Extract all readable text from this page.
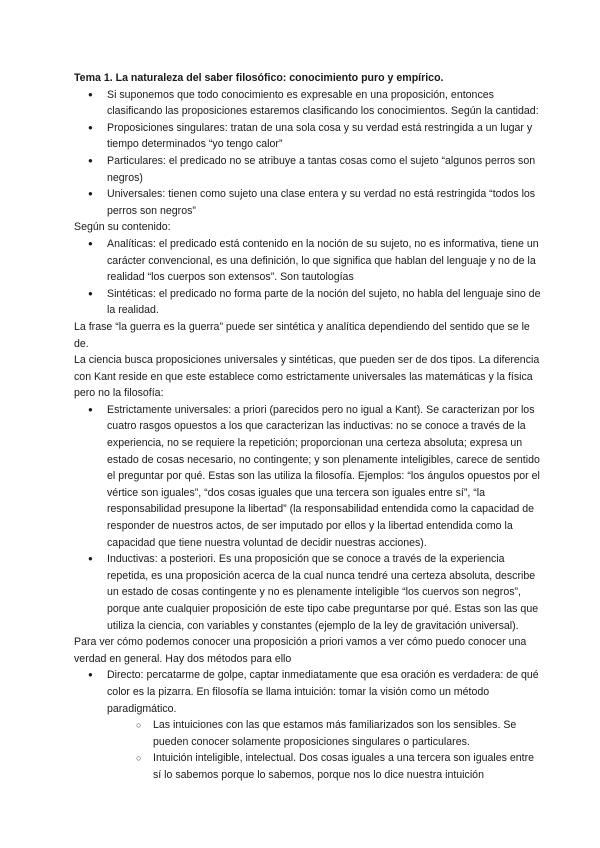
Tema 1. La naturaleza del saber filosófico: conocimiento puro y empírico.

● Si suponemos que todo conocimiento es expresable en una proposición, entonces clasificando las proposiciones estaremos clasificando los conocimientos. Según la cantidad:
● Proposiciones singulares: tratan de una sola cosa y su verdad está restringida a un lugar y tiempo determinados “yo tengo calor”
● Particulares: el predicado no se atribuye a tantas cosas como el sujeto “algunos perros son negros)
● Universales: tienen como sujeto una clase entera y su verdad no está restringida “todos los perros son negros”

Según su contenido:

● Analíticas: el predicado está contenido en la noción de su sujeto, no es informativa, tiene un carácter convencional, es una definición, lo que significa que hablan del lenguaje y no de la realidad “los cuerpos son extensos”. Son tautologías
● Sintéticas: el predicado no forma parte de la noción del sujeto, no habla del lenguaje sino de la realidad.

La frase “la guerra es la guerra” puede ser sintética y analítica dependiendo del sentido que se le de.

La ciencia busca proposiciones universales y sintéticas, que pueden ser de dos tipos. La diferencia con Kant reside en que este establece como estrictamente universales las matemáticas y la física pero no la filosofía:

● Estrictamente universales: a priori (parecidos pero no igual a Kant). Se caracterizan por los cuatro rasgos opuestos a los que caracterizan las inductivas: no se conoce a través de la experiencia, no se requiere la repetición; proporcionan una certeza absoluta; expresa un estado de cosas necesario, no contingente; y son plenamente inteligibles, carece de sentido el preguntar por qué. Estas son las utiliza la filosofía. Ejemplos: “los ángulos opuestos por el vértice son iguales”, “dos cosas iguales que una tercera son iguales entre sí”, “la responsabilidad presupone la libertad” (la responsabilidad entendida como la capacidad de responder de nuestros actos, de ser imputado por ellos y la libertad entendida como la capacidad que tiene nuestra voluntad de decidir nuestras acciones).
● Inductivas: a posteriori. Es una proposición que se conoce a través de la experiencia repetida, es una proposición acerca de la cual nunca tendré una certeza absoluta, describe un estado de cosas contingente y no es plenamente inteligible “los cuervos son negros”, porque ante cualquier proposición de este tipo cabe preguntarse por qué. Estas son las que utiliza la ciencia, con variables y constantes (ejemplo de la ley de gravitación universal).

Para ver cómo podemos conocer una proposición a priori vamos a ver cómo puedo conocer una verdad en general. Hay dos métodos para ello

● Directo: percatarme de golpe, captar inmediatamente que esa oración es verdadera: de qué color es la pizarra. En filosofía se llama intuición: tomar la visión como un método paradigmático.
○ Las intuiciones con las que estamos más familiarizados son los sensibles. Se pueden conocer solamente proposiciones singulares o particulares.
○ Intuición inteligible, intelectual. Dos cosas iguales a una tercera son iguales entre sí lo sabemos porque lo sabemos, porque nos lo dice nuestra intuición
